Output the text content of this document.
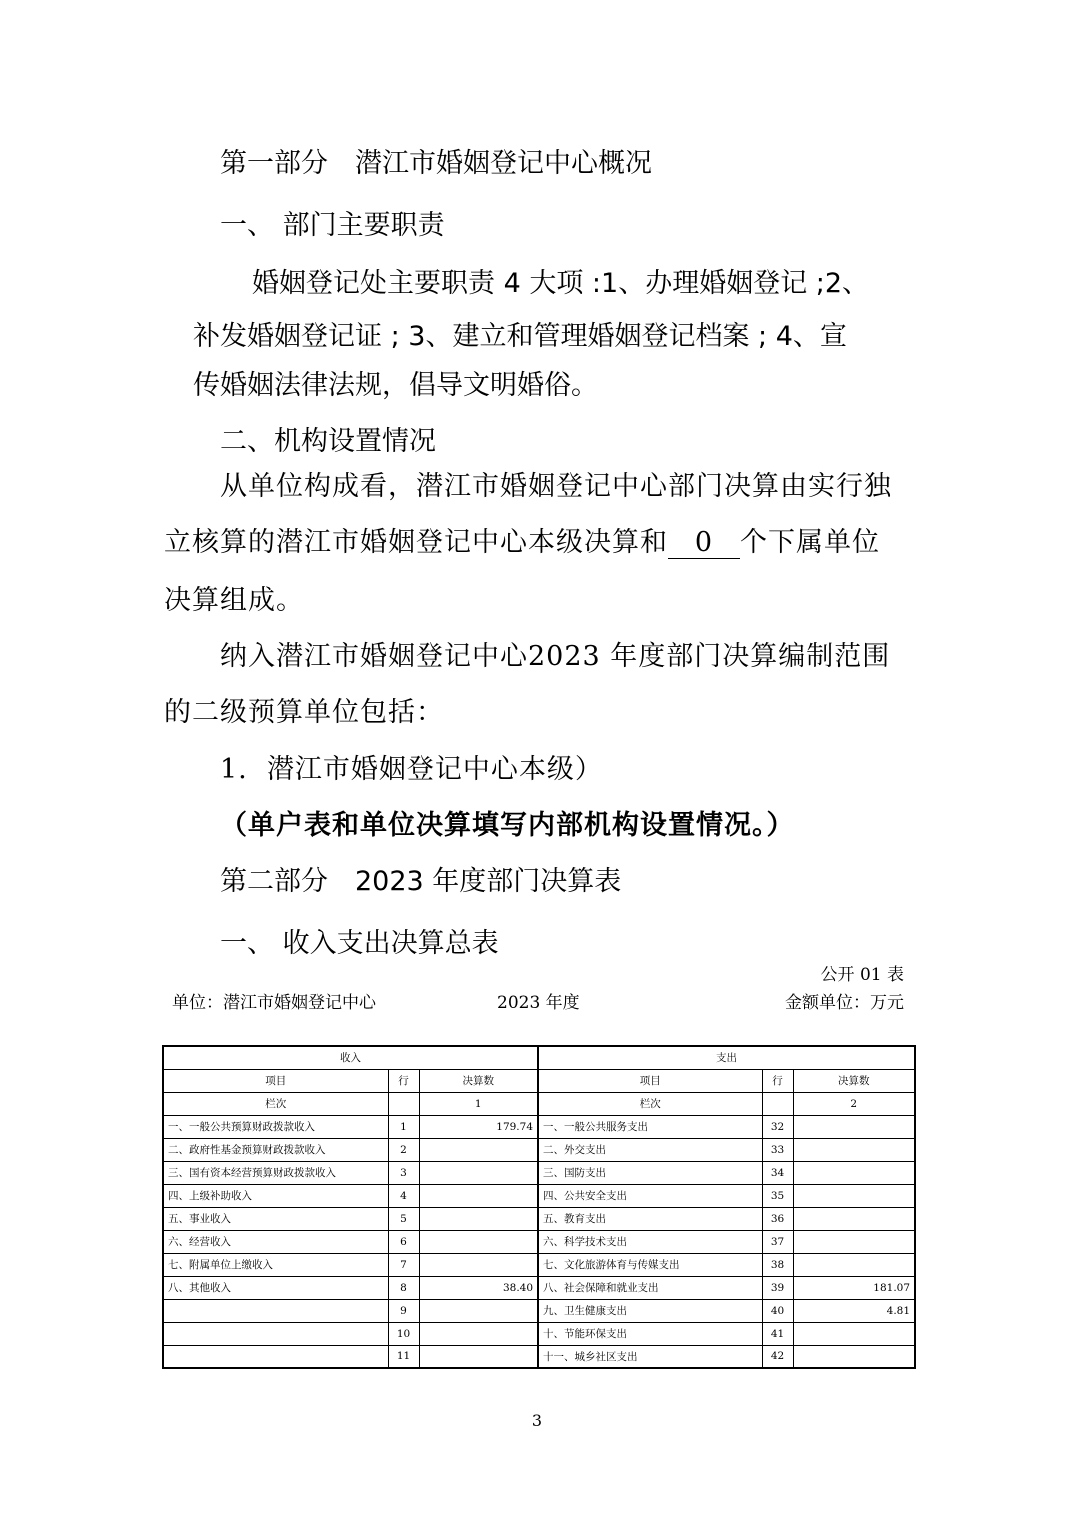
第一部分　潜江市婚姻登记中心概况
一、 部门主要职责
婚姻登记处主要职责 4 大项 :1、办理婚姻登记 ;2、
补发婚姻登记证 ; 3、建立和管理婚姻登记档案 ; 4、宣
传婚姻法律法规，倡导文明婚俗。
二、机构设置情况
从单位构成看，潜江市婚姻登记中心部门决算由实行独
立核算的潜江市婚姻登记中心本级决算和 0 个下属单位
决算组成。
纳入潜江市婚姻登记中心2023 年度部门决算编制范围
的二级预算单位包括：
1. 潜江市婚姻登记中心本级）
（单户表和单位决算填写内部机构设置情况。）
第二部分　2023 年度部门决算表
一、 收入支出决算总表
公开 01 表
单位：潜江市婚姻登记中心	2023 年度	金额单位：万元
收入			支出		
项目	行	决算数	项目	行	决算数
栏次		1	栏次		2
一、一般公共预算财政拨款收入	1	179.74	一、一般公共服务支出	32	
二、政府性基金预算财政拨款收入	2		二、外交支出	33	
三、国有资本经营预算财政拨款收入	3		三、国防支出	34	
四、上级补助收入	4		四、公共安全支出	35	
五、事业收入	5		五、教育支出	36	
六、经营收入	6		六、科学技术支出	37	
七、附属单位上缴收入	7		七、文化旅游体育与传媒支出	38	
八、其他收入	8	38.40	八、社会保障和就业支出	39	181.07
	9		九、卫生健康支出	40	4.81
	10		十、节能环保支出	41	
	11		十一、城乡社区支出	42	
3
